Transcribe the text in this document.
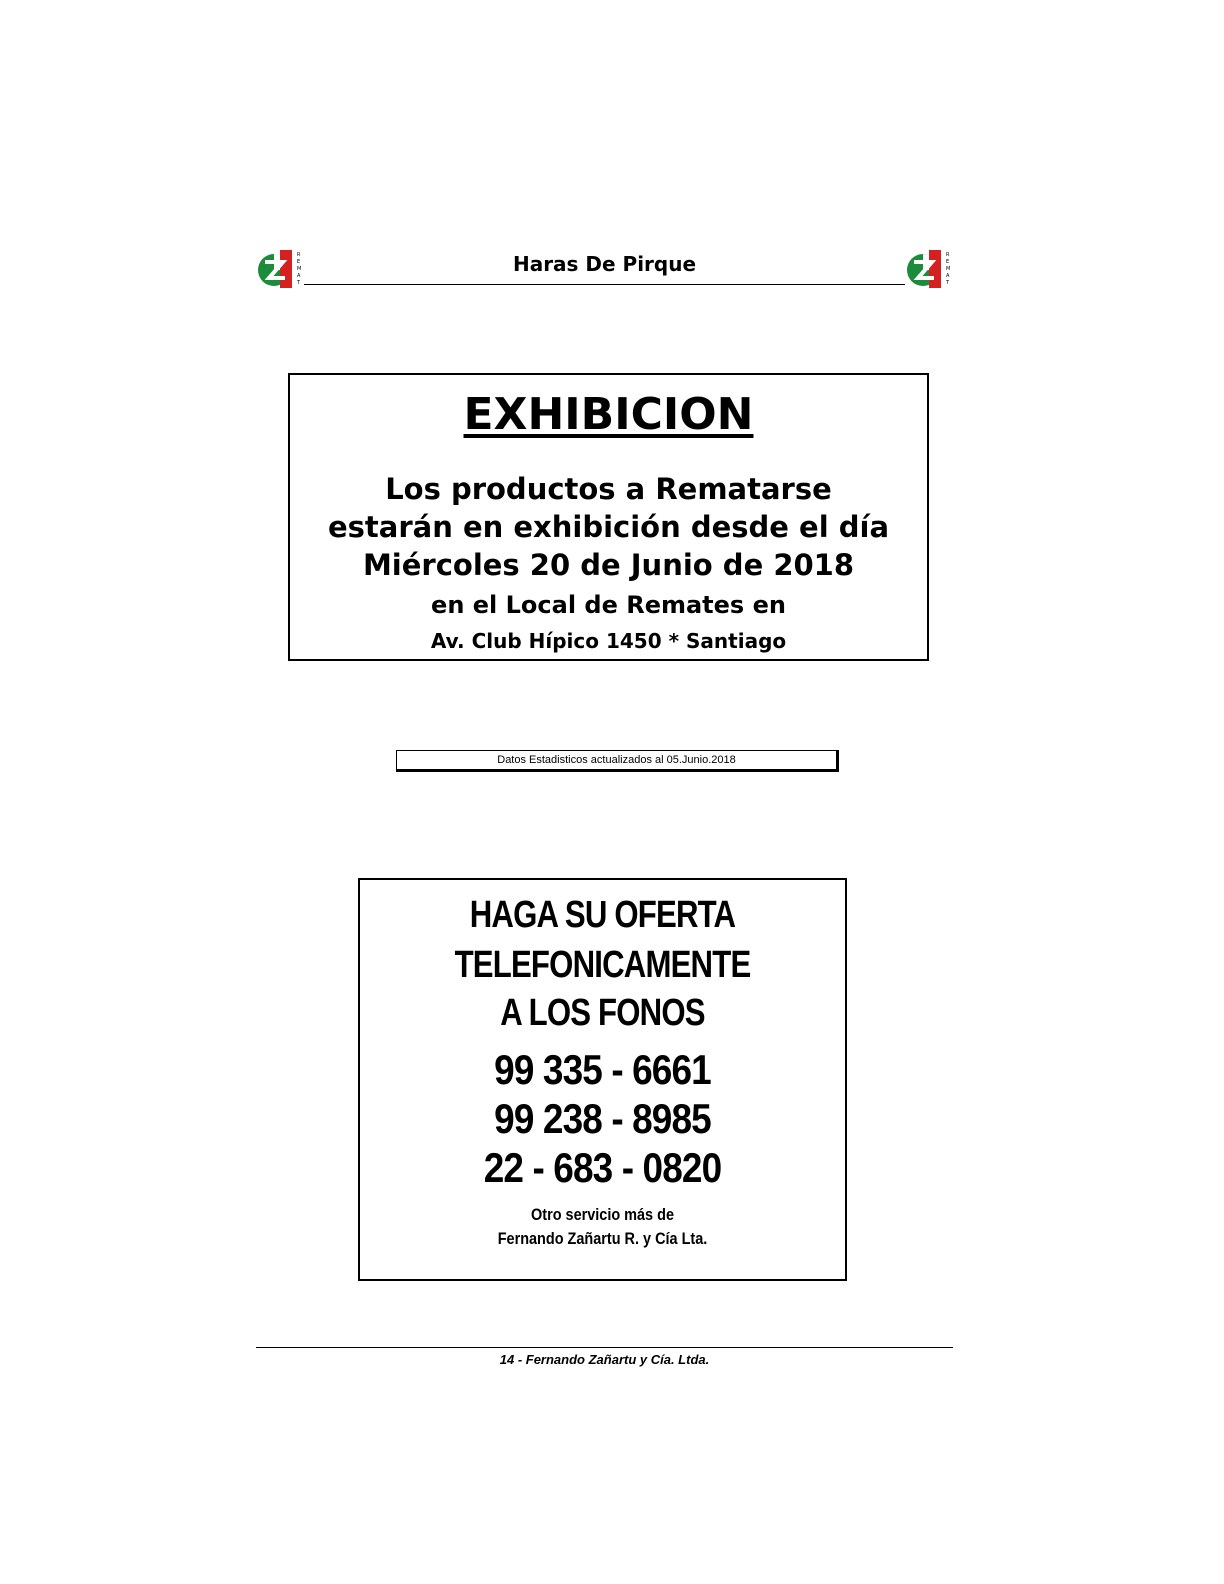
R
E
M
A
T
Haras De Pirque	R
E
M
A
T
EXHIBICION
Los productos a Rematarse
estarán en exhibición desde el día
Miércoles 20 de Junio de 2018
en el Local de Remates en
Av. Club Hípico 1450 * Santiago
Datos Estadisticos actualizados al 05.Junio.2018
HAGA SU OFERTA
TELEFONICAMENTE
A LOS FONOS
99 335 - 6661
99 238 - 8985
22 - 683 - 0820
Otro servicio más de
Fernando Zañartu R. y Cía Lta.
14 - Fernando Zañartu y Cía. Ltda.
